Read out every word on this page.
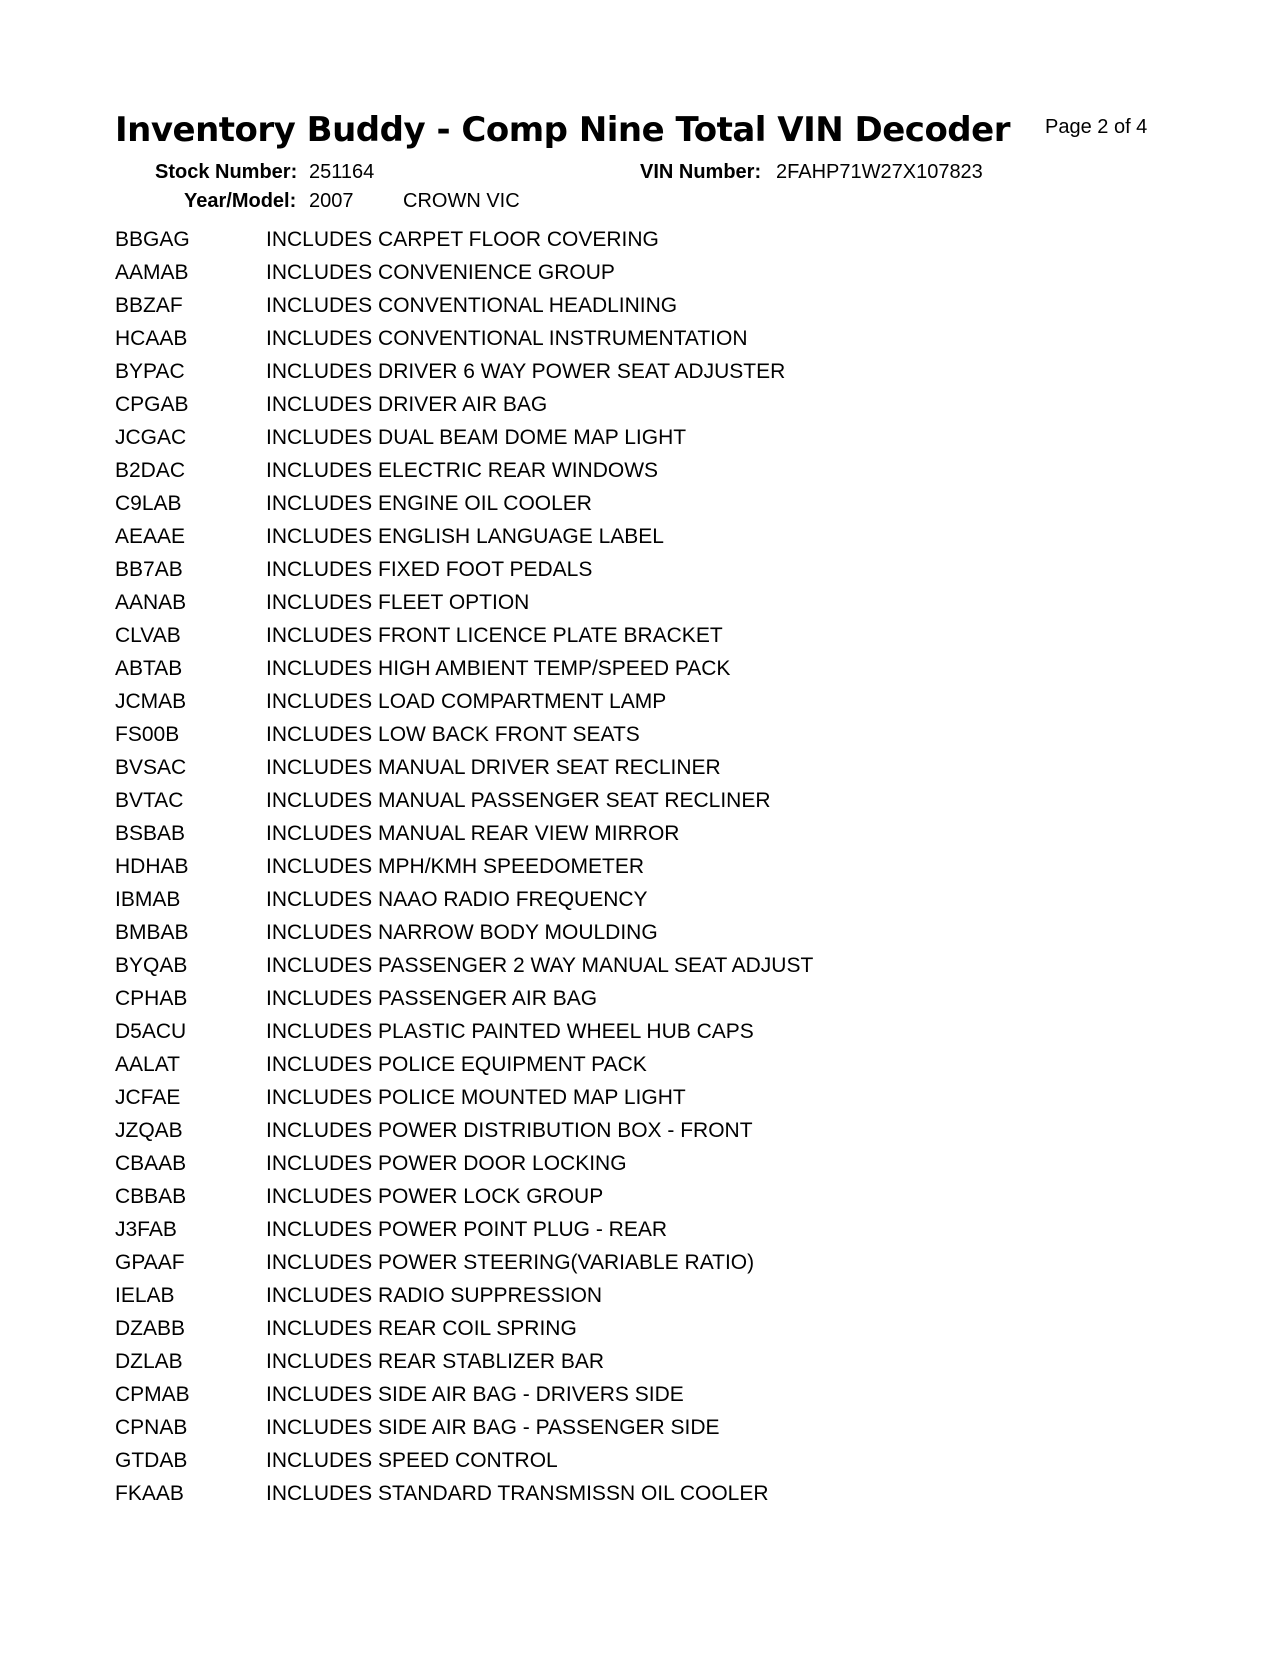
Inventory Buddy - Comp Nine Total VIN Decoder Page 2 of 4
Stock Number: 251164	VIN Number: 2FAHP71W27X107823
Year/Model: 2007 CROWN VIC
BBGAG	INCLUDES CARPET FLOOR COVERING
AAMAB	INCLUDES CONVENIENCE GROUP
BBZAF	INCLUDES CONVENTIONAL HEADLINING
HCAAB	INCLUDES CONVENTIONAL INSTRUMENTATION
BYPAC	INCLUDES DRIVER 6 WAY POWER SEAT ADJUSTER
CPGAB	INCLUDES DRIVER AIR BAG
JCGAC	INCLUDES DUAL BEAM DOME MAP LIGHT
B2DAC	INCLUDES ELECTRIC REAR WINDOWS
C9LAB	INCLUDES ENGINE OIL COOLER
AEAAE	INCLUDES ENGLISH LANGUAGE LABEL
BB7AB	INCLUDES FIXED FOOT PEDALS
AANAB	INCLUDES FLEET OPTION
CLVAB	INCLUDES FRONT LICENCE PLATE BRACKET
ABTAB	INCLUDES HIGH AMBIENT TEMP/SPEED PACK
JCMAB	INCLUDES LOAD COMPARTMENT LAMP
FS00B	INCLUDES LOW BACK FRONT SEATS
BVSAC	INCLUDES MANUAL DRIVER SEAT RECLINER
BVTAC	INCLUDES MANUAL PASSENGER SEAT RECLINER
BSBAB	INCLUDES MANUAL REAR VIEW MIRROR
HDHAB	INCLUDES MPH/KMH SPEEDOMETER
IBMAB	INCLUDES NAAO RADIO FREQUENCY
BMBAB	INCLUDES NARROW BODY MOULDING
BYQAB	INCLUDES PASSENGER 2 WAY MANUAL SEAT ADJUST
CPHAB	INCLUDES PASSENGER AIR BAG
D5ACU	INCLUDES PLASTIC PAINTED WHEEL HUB CAPS
AALAT	INCLUDES POLICE EQUIPMENT PACK
JCFAE	INCLUDES POLICE MOUNTED MAP LIGHT
JZQAB	INCLUDES POWER DISTRIBUTION BOX - FRONT
CBAAB	INCLUDES POWER DOOR LOCKING
CBBAB	INCLUDES POWER LOCK GROUP
J3FAB	INCLUDES POWER POINT PLUG - REAR
GPAAF	INCLUDES POWER STEERING(VARIABLE RATIO)
IELAB	INCLUDES RADIO SUPPRESSION
DZABB	INCLUDES REAR COIL SPRING
DZLAB	INCLUDES REAR STABLIZER BAR
CPMAB	INCLUDES SIDE AIR BAG - DRIVERS SIDE
CPNAB	INCLUDES SIDE AIR BAG - PASSENGER SIDE
GTDAB	INCLUDES SPEED CONTROL
FKAAB	INCLUDES STANDARD TRANSMISSN OIL COOLER
